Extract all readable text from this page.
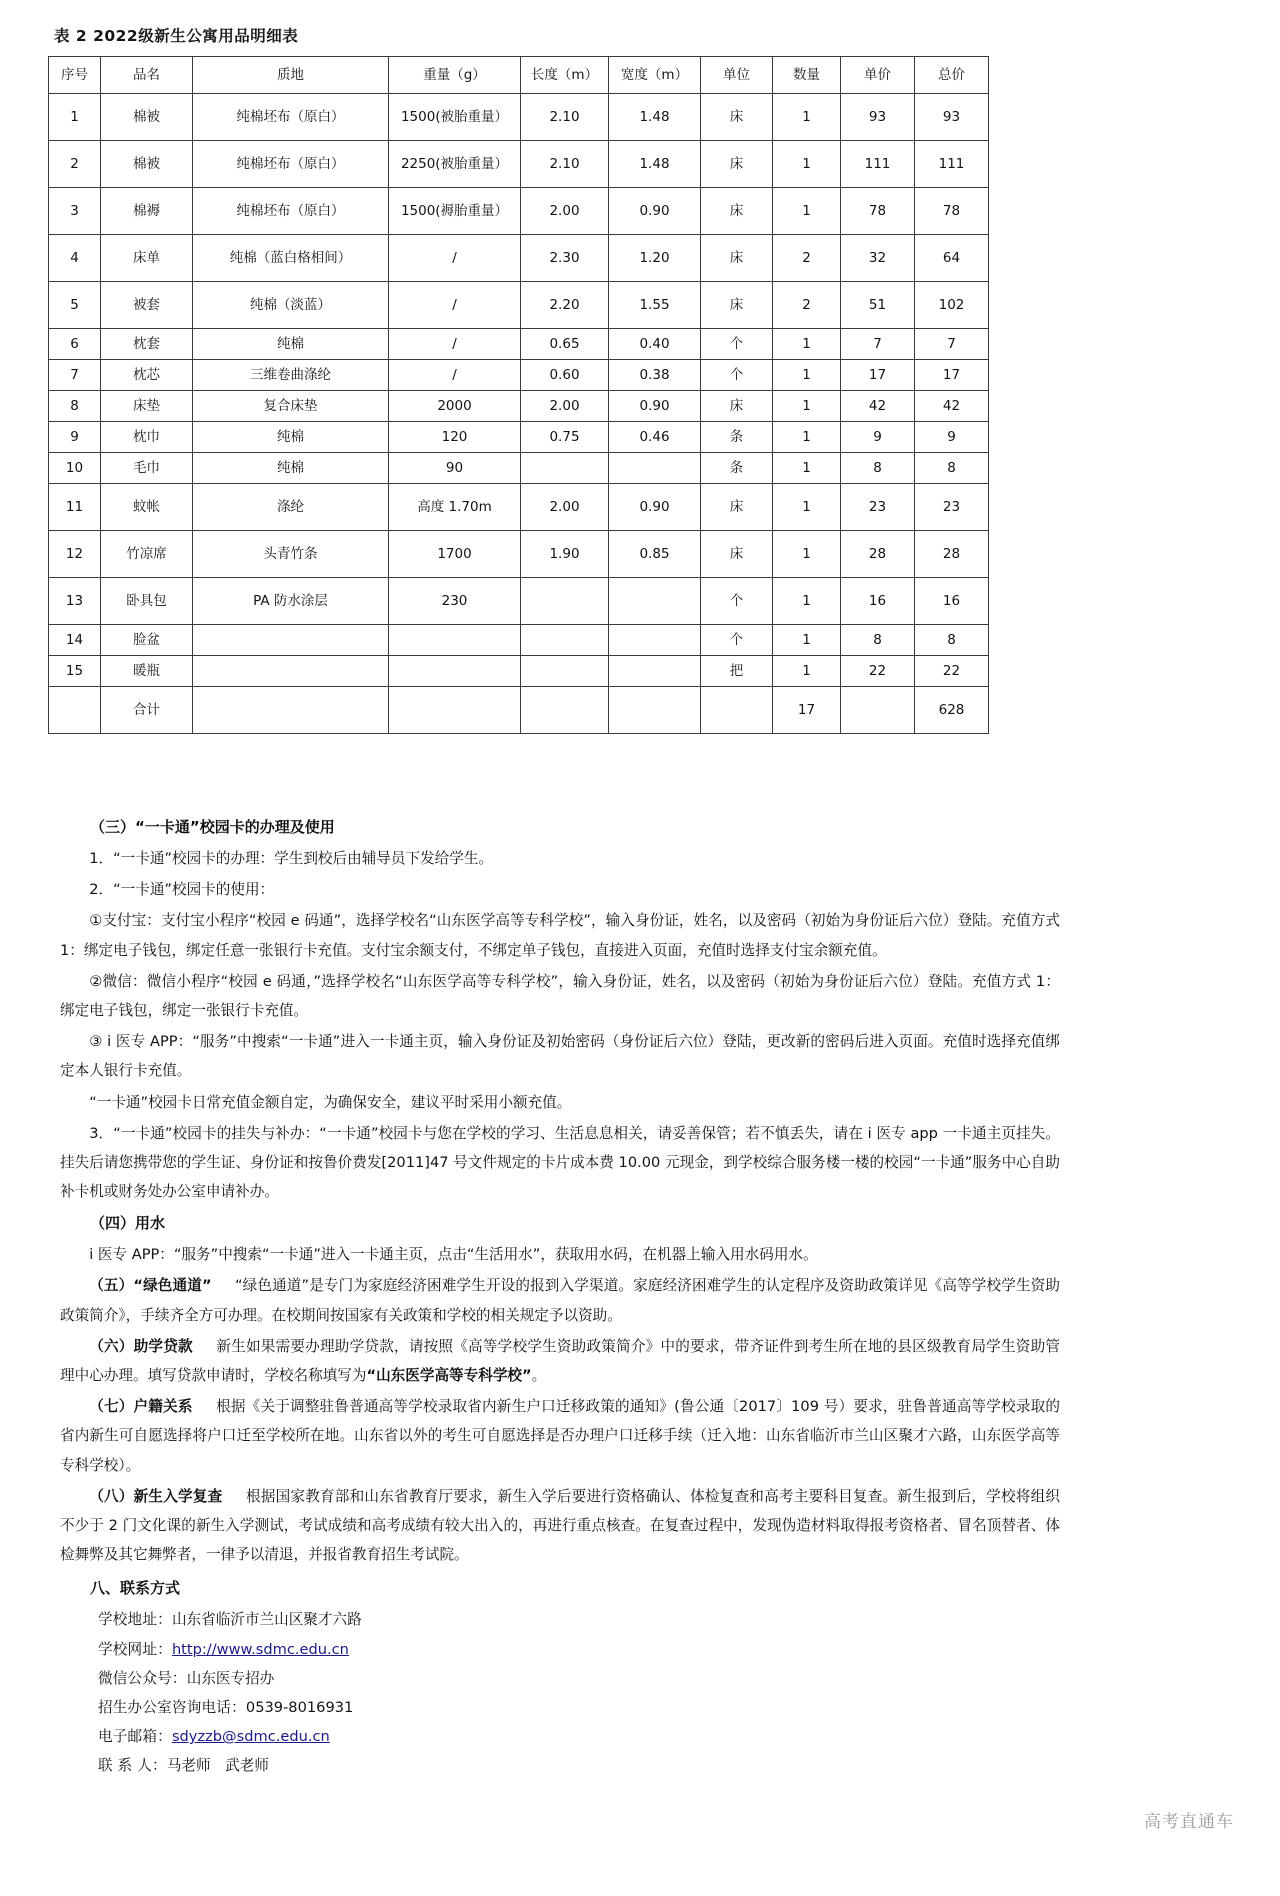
表 2 2022级新生公寓用品明细表
序号	品名	质地	重量（g）	长度（m）	宽度（m）	单位	数量	单价	总价
1	棉被	纯棉坯布（原白）	1500(被胎重量）	2.10	1.48	床	1	93	93
2	棉被	纯棉坯布（原白）	2250(被胎重量）	2.10	1.48	床	1	111	111
3	棉褥	纯棉坯布（原白）	1500(褥胎重量）	2.00	0.90	床	1	78	78
4	床单	纯棉（蓝白格相间）	/	2.30	1.20	床	2	32	64
5	被套	纯棉（淡蓝）	/	2.20	1.55	床	2	51	102
6	枕套	纯棉	/	0.65	0.40	个	1	7	7
7	枕芯	三维卷曲涤纶	/	0.60	0.38	个	1	17	17
8	床垫	复合床垫	2000	2.00	0.90	床	1	42	42
9	枕巾	纯棉	120	0.75	0.46	条	1	9	9
10	毛巾	纯棉	90			条	1	8	8
11	蚊帐	涤纶	高度 1.70m	2.00	0.90	床	1	23	23
12	竹凉席	头青竹条	1700	1.90	0.85	床	1	28	28
13	卧具包	PA 防水涂层	230			个	1	16	16
14	脸盆					个	1	8	8
15	暖瓶					把	1	22	22
	合计						17		628

（三）“一卡通”校园卡的办理及使用

1．“一卡通”校园卡的办理：学生到校后由辅导员下发给学生。

2．“一卡通”校园卡的使用：

①支付宝：支付宝小程序“校园 e 码通”，选择学校名“山东医学高等专科学校”，输入身份证，姓名，以及密码（初始为身份证后六位）登陆。充值方式 1：绑定电子钱包，绑定任意一张银行卡充值。支付宝余额支付，不绑定单子钱包，直接进入页面，充值时选择支付宝余额充值。

②微信：微信小程序“校园 e 码通，”选择学校名“山东医学高等专科学校”，输入身份证，姓名，以及密码（初始为身份证后六位）登陆。充值方式 1：绑定电子钱包，绑定一张银行卡充值。

③ i 医专 APP：“服务”中搜索“一卡通”进入一卡通主页，输入身份证及初始密码（身份证后六位）登陆，更改新的密码后进入页面。充值时选择充值绑定本人银行卡充值。

“一卡通”校园卡日常充值金额自定，为确保安全，建议平时采用小额充值。

3．“一卡通”校园卡的挂失与补办：“一卡通”校园卡与您在学校的学习、生活息息相关，请妥善保管；若不慎丢失，请在 i 医专 app 一卡通主页挂失。挂失后请您携带您的学生证、身份证和按鲁价费发[2011]47 号文件规定的卡片成本费 10.00 元现金，到学校综合服务楼一楼的校园“一卡通”服务中心自助补卡机或财务处办公室申请补办。

（四）用水

i 医专 APP：“服务”中搜索“一卡通”进入一卡通主页，点击“生活用水”，获取用水码，在机器上输入用水码用水。

（五）“绿色通道” “绿色通道”是专门为家庭经济困难学生开设的报到入学渠道。家庭经济困难学生的认定程序及资助政策详见《高等学校学生资助政策简介》，手续齐全方可办理。在校期间按国家有关政策和学校的相关规定予以资助。

（六）助学贷款 新生如果需要办理助学贷款，请按照《高等学校学生资助政策简介》中的要求，带齐证件到考生所在地的县区级教育局学生资助管理中心办理。填写贷款申请时，学校名称填写为“山东医学高等专科学校”。

（七）户籍关系 根据《关于调整驻鲁普通高等学校录取省内新生户口迁移政策的通知》(鲁公通〔2017〕109 号）要求，驻鲁普通高等学校录取的省内新生可自愿选择将户口迁至学校所在地。山东省以外的考生可自愿选择是否办理户口迁移手续（迁入地：山东省临沂市兰山区聚才六路，山东医学高等专科学校）。

（八）新生入学复查 根据国家教育部和山东省教育厅要求，新生入学后要进行资格确认、体检复查和高考主要科目复查。新生报到后，学校将组织不少于 2 门文化课的新生入学测试，考试成绩和高考成绩有较大出入的，再进行重点核查。在复查过程中，发现伪造材料取得报考资格者、冒名顶替者、体检舞弊及其它舞弊者，一律予以清退，并报省教育招生考试院。

八、联系方式

学校地址：山东省临沂市兰山区聚才六路

学校网址：http://www.sdmc.edu.cn

微信公众号：山东医专招办

招生办公室咨询电话：0539-8016931

电子邮箱：sdyzzb@sdmc.edu.cn

联 系 人：马老师　武老师

高考直通车
